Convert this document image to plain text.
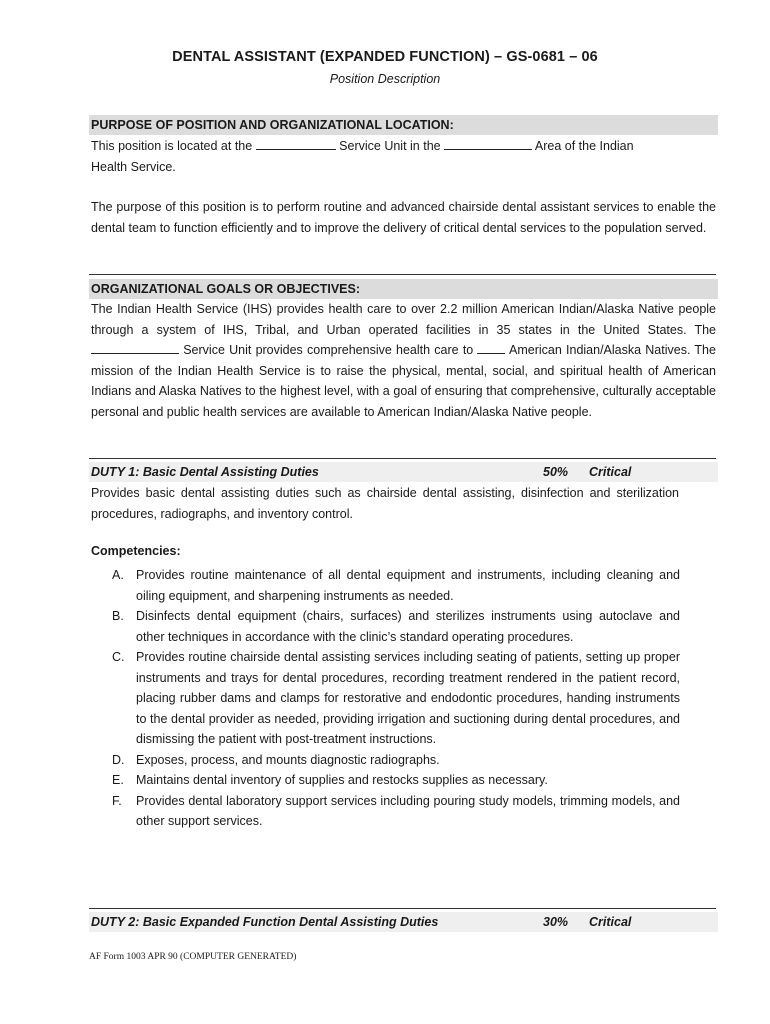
DENTAL ASSISTANT (EXPANDED FUNCTION) – GS-0681 – 06
Position Description
PURPOSE OF POSITION AND ORGANIZATIONAL LOCATION:
This position is located at the	Service Unit in the	Area of the Indian
Health Service.
The purpose of this position is to perform routine and advanced chairside dental assistant services to enable the dental team to function efficiently and to improve the delivery of critical dental services to the population served.
ORGANIZATIONAL GOALS OR OBJECTIVES:
The Indian Health Service (IHS) provides health care to over 2.2 million American Indian/Alaska Native people through a system of IHS, Tribal, and Urban operated facilities in 35 states in the United States. The  Service Unit provides comprehensive health care to	American Indian/Alaska Natives. The mission of the Indian Health Service is to raise the physical, mental, social, and spiritual health of American Indians and Alaska Natives to the highest level, with a goal of ensuring that comprehensive, culturally acceptable personal and public health services are available to American Indian/Alaska Native people.
DUTY 1: Basic Dental Assisting Duties	50% Critical
Provides basic dental assisting duties such as chairside dental assisting, disinfection and sterilization procedures, radiographs, and inventory control.
Competencies:
A. Provides routine maintenance of all dental equipment and instruments, including cleaning and oiling equipment, and sharpening instruments as needed.
B. Disinfects dental equipment (chairs, surfaces) and sterilizes instruments using autoclave and other techniques in accordance with the clinic’s standard operating procedures.
C. Provides routine chairside dental assisting services including seating of patients, setting up proper instruments and trays for dental procedures, recording treatment rendered in the patient record, placing rubber dams and clamps for restorative and endodontic procedures, handing instruments to the dental provider as needed, providing irrigation and suctioning during dental procedures, and dismissing the patient with post-treatment instructions.
D. Exposes, process, and mounts diagnostic radiographs.
E. Maintains dental inventory of supplies and restocks supplies as necessary.
F. Provides dental laboratory support services including pouring study models, trimming models, and other support services.
DUTY 2: Basic Expanded Function Dental Assisting Duties	30% Critical
AF Form 1003 APR 90 (COMPUTER GENERATED)
